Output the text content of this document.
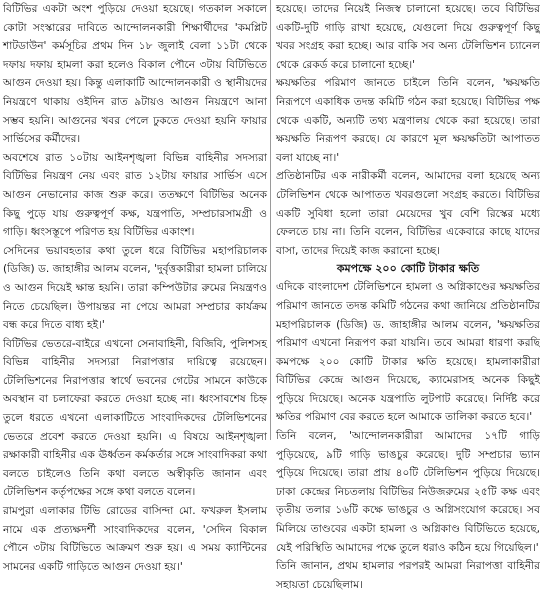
বিটিভির একটা অংশ পুড়িয়ে দেওয়া হয়েছে। গতকাল সকালে কোটা সংস্কারের দাবিতে আন্দোলনকারী শিক্ষার্থীদের 'কমপ্লিট শাটডাউন' কর্মসূচির প্রথম দিন ১৮ জুলাই বেলা ১১টা থেকে দফায় দফায় হামলা করা হলেও বিকাল পৌনে ৩টায় বিটিভিতে আগুন দেওয়া হয়। কিন্তু এলাকাটি আন্দোলনকারী ও স্থানীয়দের নিয়ন্ত্রণে থাকায় ওইদিন রাত ৯টায়ও আগুন নিয়ন্ত্রণে আনা সম্ভব হয়নি। আগুনের খবর পেলে ঢুকতে দেওয়া হয়নি ফায়ার সার্ভিসের কর্মীদের।

অবশেষে রাত ১০টায় আইনশৃঙ্খলা বিভিন্ন বাহিনীর সদস্যরা বিটিভির নিয়ন্ত্রণ নেয় এবং রাত ১২টায় ফায়ার সার্ভিস এসে আগুন নেভানোর কাজ শুরু করে। ততক্ষণে বিটিভির অনেক কিছু পুড়ে যায় গুরুত্বপূর্ণ কক্ষ, যন্ত্রপাতি, সম্প্রচারসামগ্রী ও গাড়ি। ধ্বংসস্তূপে পরিণত হয় বিটিভির একাংশ।

সেদিনের ভয়াবহতার কথা তুলে ধরে বিটিভির মহাপরিচালক (ডিজি) ড. জাহাঙ্গীর আলম বলেন, 'দুর্বৃত্তকারীরা হামলা চালিয়ে ও আগুন দিয়েই ক্ষান্ত হয়নি। তারা কম্পিউটার রুমের নিয়ন্ত্রণও নিতে চেয়েছিল। উপায়ন্তর না পেয়ে আমরা সম্প্রচার কার্যক্রম বন্ধ করে দিতে বাধ্য হই।'

বিটিভির ভেতরে-বাইরে এখনো সেনাবাহিনী, বিজিবি, পুলিশসহ বিভিন্ন বাহিনীর সদস্যরা নিরাপত্তার দায়িত্বে রয়েছেন। টেলিভিশনের নিরাপত্তার স্বার্থে ভবনের গেটের সামনে কাউকে অবস্থান বা চলাফেরা করতে দেওয়া হচ্ছে না। ধ্বংসাবশেষ চিহ্ন তুলে ধরতে এখনো এলাকাটিতে সাংবাদিকদের টেলিভিশনের ভেতরে প্রবেশ করতে দেওয়া হয়নি। এ বিষয়ে আইনশৃঙ্খলা রক্ষাকারী বাহিনীর এক ঊর্ধ্বতন কর্মকর্তার সঙ্গে সাংবাদিকরা কথা বলতে চাইলেও তিনি কথা বলতে অস্বীকৃতি জানান এবং টেলিভিশন কর্তৃপক্ষের সঙ্গে কথা বলতে বলেন।

রামপুরা এলাকার টিভি রোডের বাসিন্দা মো. ফখরুল ইসলাম নামে এক প্রত্যক্ষদর্শী সাংবাদিকদের বলেন, 'সেদিন বিকাল পৌনে ৩টায় বিটিভিতে আক্রমণ শুরু হয়। এ সময় ক্যান্টিনের সামনের একটি গাড়িতে আগুন দেওয়া হয়।'

হয়েছে। তাদের নিয়েই নিজস্ব চালানো হয়েছে। তবে বিটিভির একটি-দুটি গাড়ি রাখা হয়েছে, যেগুলো দিয়ে গুরুত্বপূর্ণ কিছু খবর সংগ্রহ করা হচ্ছে। আর বাকি সব অন্য টেলিভিশন চ্যানেল থেকে রেকর্ড করে চালানো হচ্ছে।'

ক্ষয়ক্ষতির পরিমাণ জানতে চাইলে তিনি বলেন, 'ক্ষয়ক্ষতি নিরূপণে একাধিক তদন্ত কমিটি গঠন করা হয়েছে। বিটিভির পক্ষ থেকে একটি, অন্যটি তথ্য মন্ত্রণালয় থেকে করা হয়েছে। তারা ক্ষয়ক্ষতি নিরূপণ করছে। যে কারণে মূল ক্ষয়ক্ষতিটা আপাতত বলা যাচ্ছে না।'

প্রতিষ্ঠানটির এক নারীকর্মী বলেন, আমাদের বলা হয়েছে অন্য টেলিভিশন থেকে আপাতত খবরগুলো সংগ্রহ করতে। বিটিভির একটি সুবিধা হলো তারা মেয়েদের খুব বেশি রিস্কের মধ্যে ফেলতে চায় না। তিনি বলেন, বিটিভির একেবারে কাছে যাদের বাসা, তাদের দিয়েই কাজ করানো হচ্ছে।

কমপক্ষে ২০০ কোটি টাকার ক্ষতি

এদিকে বাংলাদেশ টেলিভিশনে হামলা ও অগ্নিকাণ্ডের ক্ষয়ক্ষতির পরিমাণ জানতে তদন্ত কমিটি গঠনের কথা জানিয়ে প্রতিষ্ঠানটির মহাপরিচালক (ডিজি) ড. জাহাঙ্গীর আলম বলেন, 'ক্ষয়ক্ষতির পরিমাণ এখনো নিরূপণ করা যায়নি। তবে আমরা ধারণা করছি কমপক্ষে ২০০ কোটি টাকার ক্ষতি হয়েছে। হামলাকারীরা বিটিভির কেন্দ্রে আগুন দিয়েছে, ক্যামেরাসহ অনেক কিছুই পুড়িয়ে দিয়েছে। অনেক যন্ত্রপাতি লুটপাট করেছে। নির্দিষ্ট করে ক্ষতির পরিমাণ বের করতে হলে আমাকে তালিকা করতে হবে।'

তিনি বলেন, 'আন্দোলনকারীরা আমাদের ১৭টি গাড়ি পুড়িয়েছে, ৯টি গাড়ি ভাঙচুর করেছে। দুটি সম্প্রচার ভ্যান পুড়িয়ে দিয়েছে। তারা প্রায় ৪০টি টেলিভিশন পুড়িয়ে দিয়েছে। ঢাকা কেন্দ্রের নিচতলায় বিটিভির নিউজরুমের ২৫টি কক্ষ এবং তৃতীয় তলার ১৬টি কক্ষে ভাঙচুর ও অগ্নিসংযোগ করেছে। সব মিলিয়ে তাণ্ডবের একটা হামলা ও অগ্নিকাণ্ড বিটিভিতে হয়েছে, যেই পরিস্থিতি আমাদের পক্ষে তুলে ধরাও কঠিন হয়ে গিয়েছিল।'

তিনি জানান, প্রথম হামলার পরপরই আমরা নিরাপত্তা বাহিনীর সহায়তা চেয়েছিলাম।
